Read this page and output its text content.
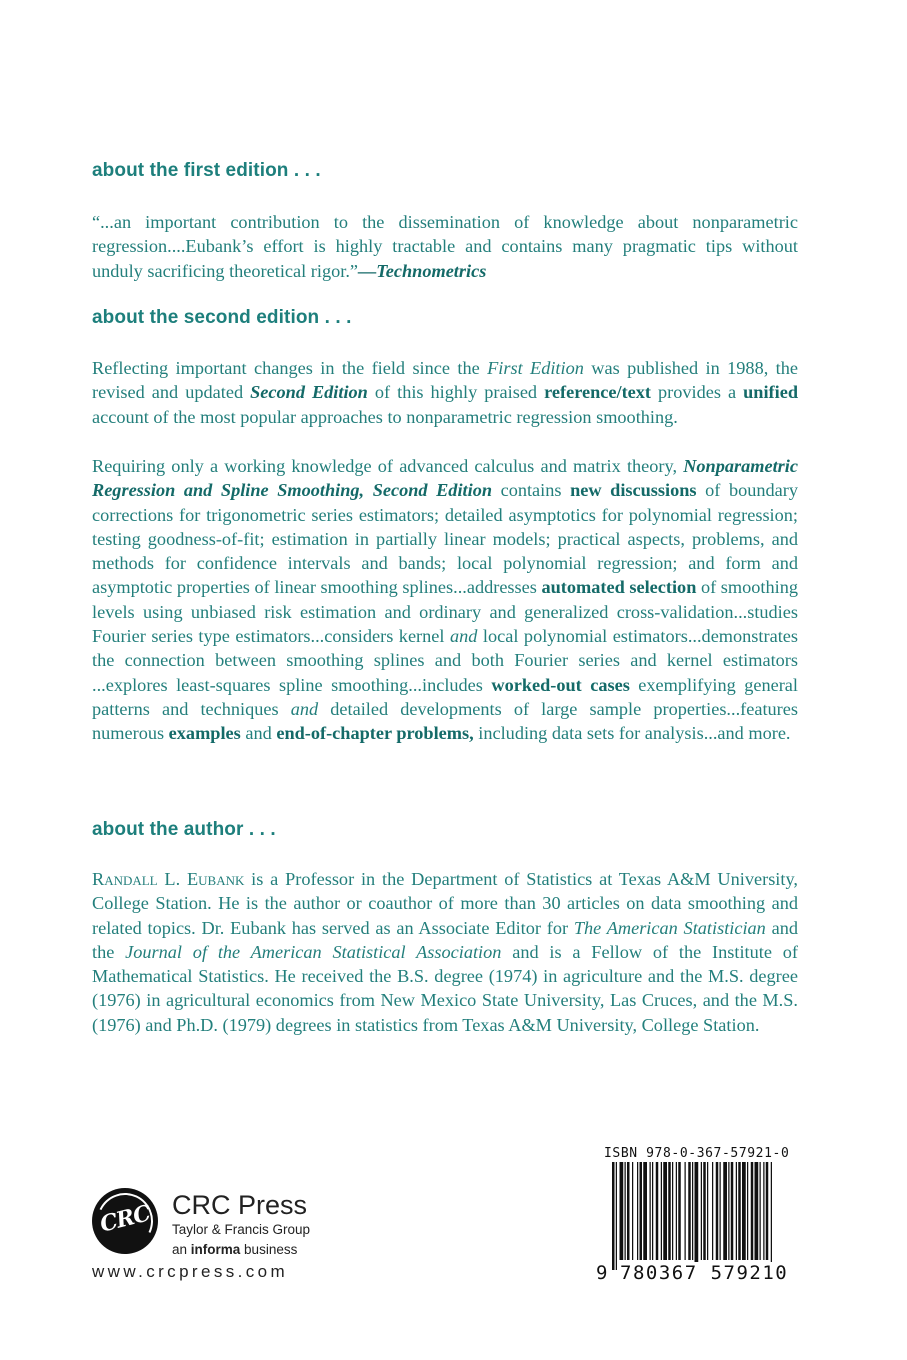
about the first edition . . .
“...an important contribution to the dissemination of knowledge about nonparametric regression....Eubank’s effort is highly tractable and contains many pragmatic tips without unduly sacrificing theoretical rigor.”—Technometrics
about the second edition . . .
Reflecting important changes in the field since the First Edition was published in 1988, the revised and updated Second Edition of this highly praised reference/text provides a unified account of the most popular approaches to nonparametric regression smoothing.
Requiring only a working knowledge of advanced calculus and matrix theory, Nonparametric Regression and Spline Smoothing, Second Edition contains new discussions of boundary corrections for trigonometric series estimators; detailed asymptotics for polynomial regression; testing goodness-of-fit; estimation in partially linear models; practical aspects, problems, and methods for confidence intervals and bands; local polynomial regression; and form and asymptotic properties of linear smoothing splines...addresses automated selection of smoothing levels using unbiased risk estimation and ordinary and generalized cross-validation...studies Fourier series type estimators...considers kernel and local polynomial estimators...demonstrates the connection between smoothing splines and both Fourier series and kernel estimators ...explores least-squares spline smoothing...includes worked-out cases exemplifying general patterns and techniques and detailed developments of large sample properties...features numerous examples and end-of-chapter problems, including data sets for analysis...and more.
about the author . . .
Randall L. Eubank is a Professor in the Department of Statistics at Texas A&M University, College Station. He is the author or coauthor of more than 30 articles on data smoothing and related topics. Dr. Eubank has served as an Associate Editor for The American Statistician and the Journal of the American Statistical Association and is a Fellow of the Institute of Mathematical Statistics. He received the B.S. degree (1974) in agriculture and the M.S. degree (1976) in agricultural economics from New Mexico State University, Las Cruces, and the M.S. (1976) and Ph.D. (1979) degrees in statistics from Texas A&M University, College Station.
CRC CRC Press
Taylor & Francis Group
an informa business
www.crcpress.com
ISBN 978-0-367-57921-0
9 780367 579210
